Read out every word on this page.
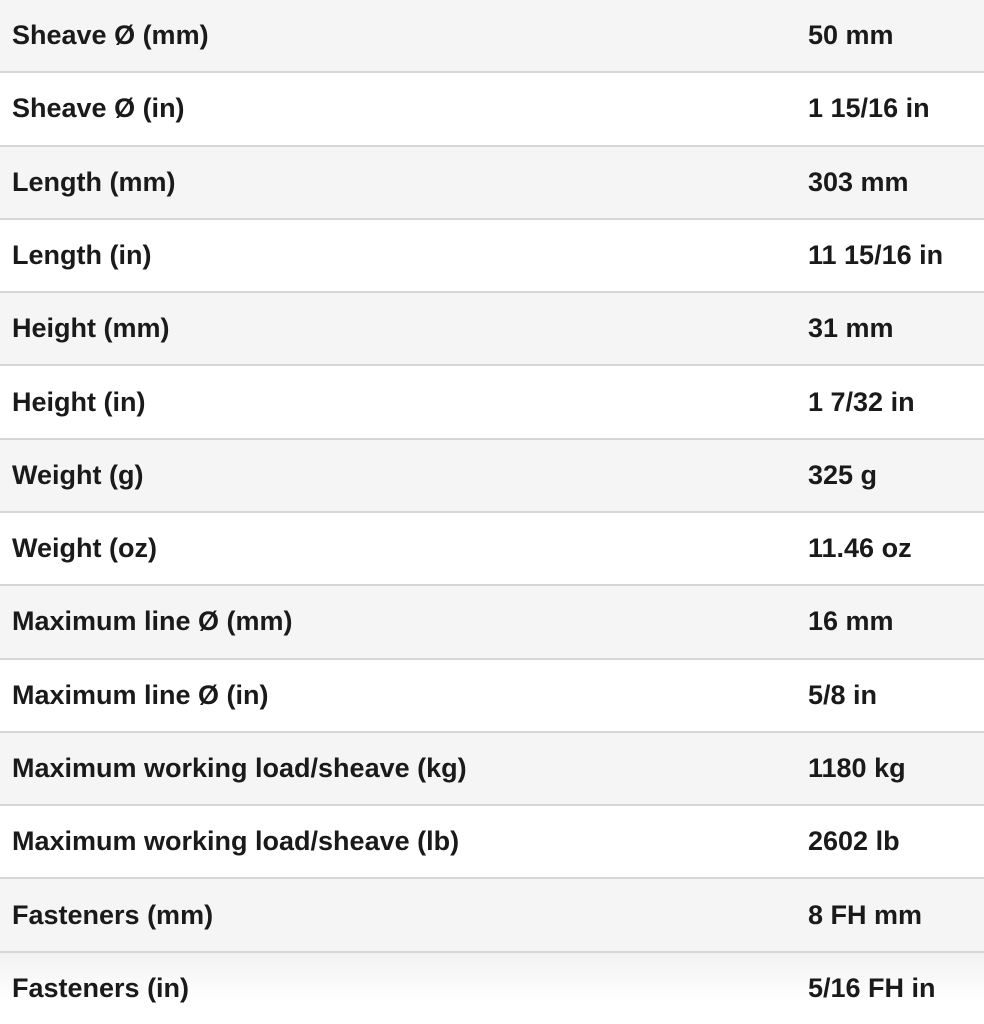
Sheave Ø (mm)	50 mm
Sheave Ø (in)	1 15/16 in
Length (mm)	303 mm
Length (in)	11 15/16 in
Height (mm)	31 mm
Height (in)	1 7/32 in
Weight (g)	325 g
Weight (oz)	11.46 oz
Maximum line Ø (mm)	16 mm
Maximum line Ø (in)	5/8 in
Maximum working load/sheave (kg)	1180 kg
Maximum working load/sheave (lb)	2602 lb
Fasteners (mm)	8 FH mm
Fasteners (in)	5/16 FH in
